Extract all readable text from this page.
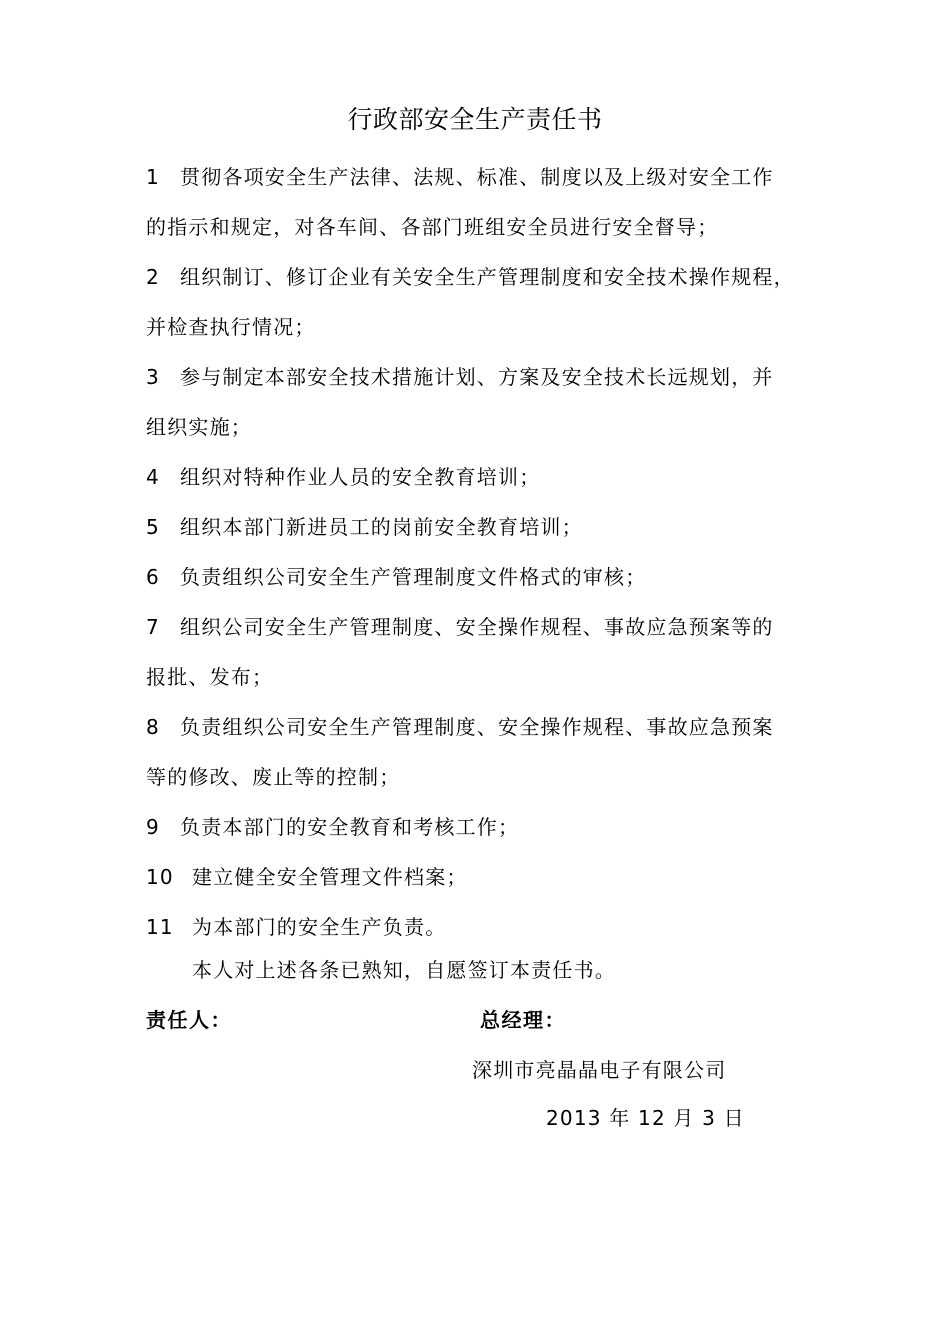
行政部安全生产责任书
1 贯彻各项安全生产法律、法规、标准、制度以及上级对安全工作
的指示和规定，对各车间、各部门班组安全员进行安全督导；
2 组织制订、修订企业有关安全生产管理制度和安全技术操作规程，
并检查执行情况；
3 参与制定本部安全技术措施计划、方案及安全技术长远规划，并
组织实施；
4 组织对特种作业人员的安全教育培训；
5 组织本部门新进员工的岗前安全教育培训；
6 负责组织公司安全生产管理制度文件格式的审核；
7 组织公司安全生产管理制度、安全操作规程、事故应急预案等的
报批、发布；
8 负责组织公司安全生产管理制度、安全操作规程、事故应急预案
等的修改、废止等的控制；
9 负责本部门的安全教育和考核工作；
10 建立健全安全管理文件档案；
11 为本部门的安全生产负责。
本人对上述各条已熟知，自愿签订本责任书。
责任人：	总经理：
深圳市亮晶晶电子有限公司
2013 年 12 月 3 日
